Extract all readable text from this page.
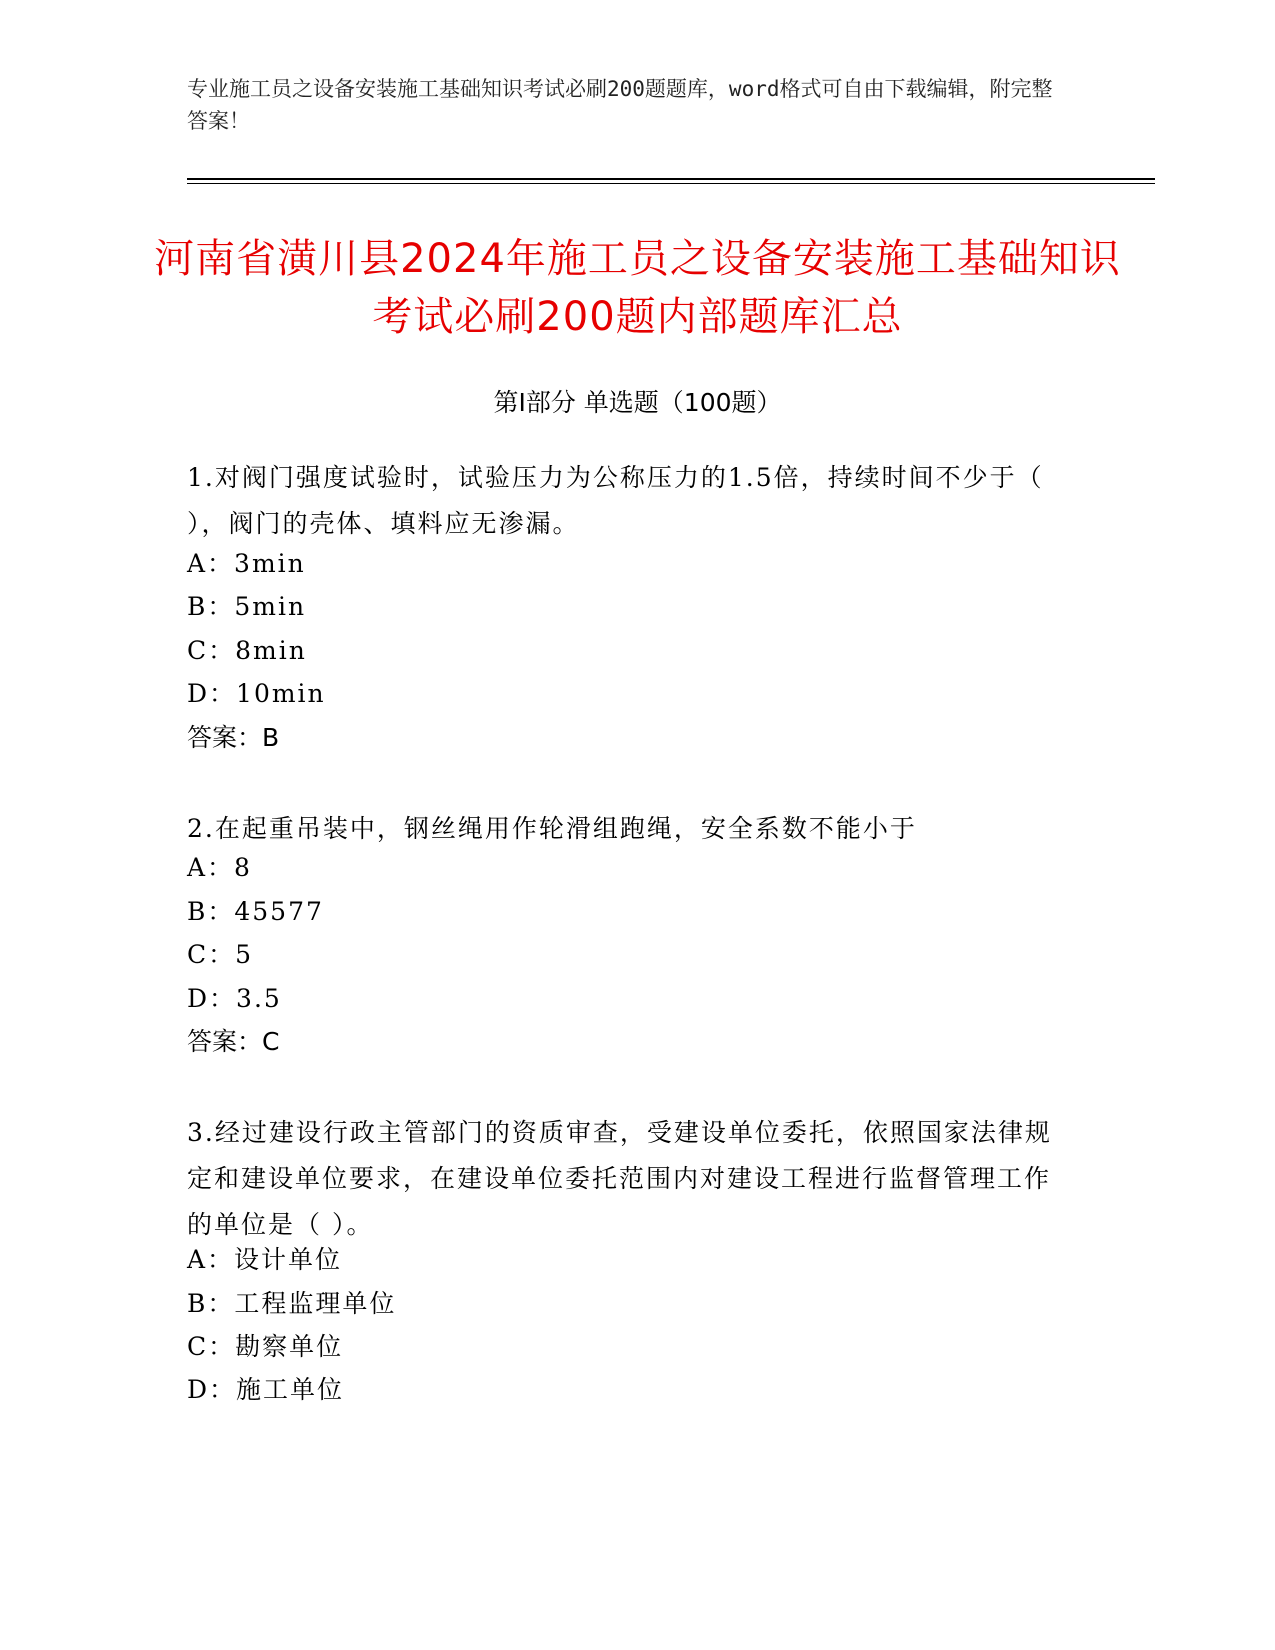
专业施工员之设备安装施工基础知识考试必刷200题题库，word格式可自由下载编辑，附完整答案！
河南省潢川县2024年施工员之设备安装施工基础知识考试必刷200题内部题库汇总
第Ⅰ部分 单选题（100题）
1.对阀门强度试验时，试验压力为公称压力的1.5倍，持续时间不少于（ ），阀门的壳体、填料应无渗漏。
A：3min
B：5min
C：8min
D：10min
答案：B
2.在起重吊装中，钢丝绳用作轮滑组跑绳，安全系数不能小于
A：8
B：45577
C：5
D：3.5
答案：C
3.经过建设行政主管部门的资质审查，受建设单位委托，依照国家法律规定和建设单位要求，在建设单位委托范围内对建设工程进行监督管理工作的单位是（ ）。
A：设计单位
B：工程监理单位
C：勘察单位
D：施工单位
